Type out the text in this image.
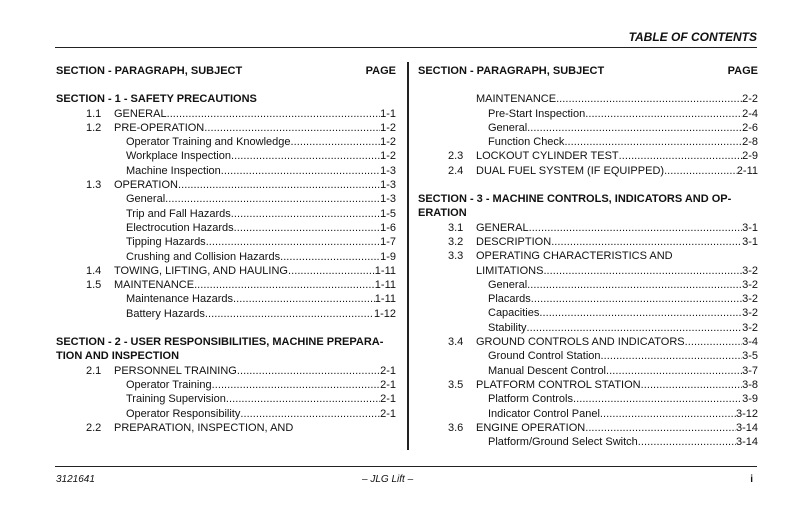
TABLE OF CONTENTS
SECTION - PARAGRAPH, SUBJECT	PAGE
SECTION - 1 - SAFETY PRECAUTIONS
1.1	GENERAL . . .	1-1
1.2	PRE-OPERATION . . .	1-2
Operator Training and Knowledge . . .	1-2
Workplace Inspection . . .	1-2
Machine Inspection . . .	1-3
1.3	OPERATION . . .	1-3
General . . .	1-3
Trip and Fall Hazards . . .	1-5
Electrocution Hazards . . .	1-6
Tipping Hazards . . .	1-7
Crushing and Collision Hazards . . .	1-9
1.4	TOWING, LIFTING, AND HAULING . . .	1-11
1.5	MAINTENANCE . . .	1-11
Maintenance Hazards . . .	1-11
Battery Hazards . . .	1-12
SECTION - 2 - USER RESPONSIBILITIES, MACHINE PREPARA-
TION AND INSPECTION
2.1	PERSONNEL TRAINING . . .	2-1
Operator Training . . .	2-1
Training Supervision . . .	2-1
Operator Responsibility . . .	2-1
2.2	PREPARATION, INSPECTION, AND
SECTION - PARAGRAPH, SUBJECT	PAGE
MAINTENANCE . . .	2-2
Pre-Start Inspection . . .	2-4
General . . .	2-6
Function Check . . .	2-8
2.3	LOCKOUT CYLINDER TEST . . .	2-9
2.4	DUAL FUEL SYSTEM (IF EQUIPPED) . . .	2-11
SECTION - 3 - MACHINE CONTROLS, INDICATORS AND OP-
ERATION
3.1	GENERAL . . .	3-1
3.2	DESCRIPTION . . .	3-1
3.3	OPERATING CHARACTERISTICS AND
LIMITATIONS . . .	3-2
General . . .	3-2
Placards . . .	3-2
Capacities . . .	3-2
Stability . . .	3-2
3.4	GROUND CONTROLS AND INDICATORS . . .	3-4
Ground Control Station . . .	3-5
Manual Descent Control . . .	3-7
3.5	PLATFORM CONTROL STATION . . .	3-8
Platform Controls . . .	3-9
Indicator Control Panel . . .	3-12
3.6	ENGINE OPERATION . . .	3-14
Platform/Ground Select Switch . . .	3-14
3121641	– JLG Lift –	i
